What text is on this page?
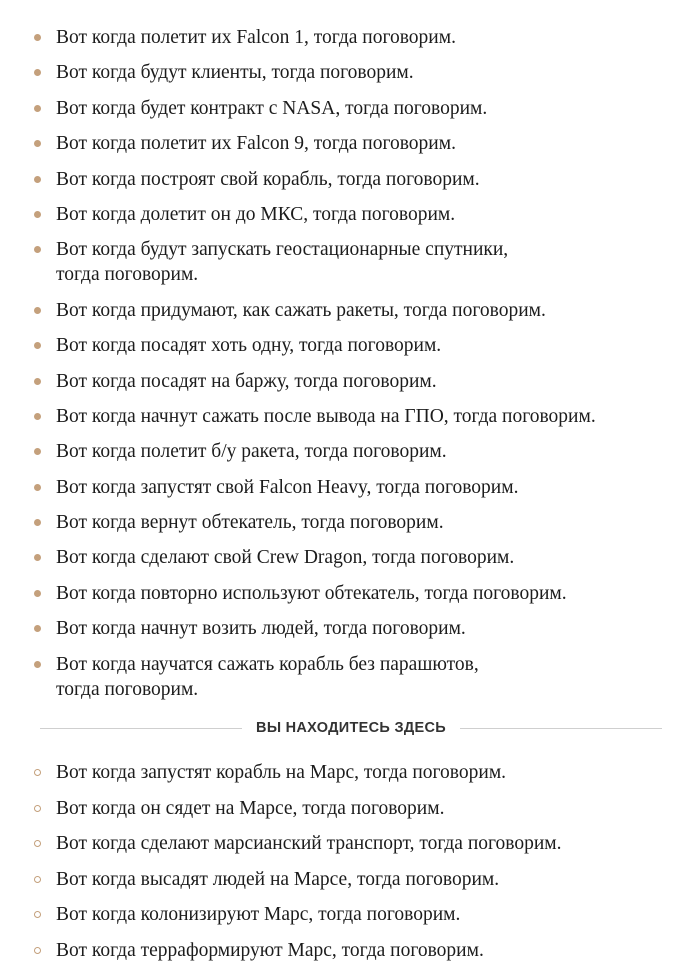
Вот когда полетит их Falcon 1, тогда поговорим.
Вот когда будут клиенты, тогда поговорим.
Вот когда будет контракт с NASA, тогда поговорим.
Вот когда полетит их Falcon 9, тогда поговорим.
Вот когда построят свой корабль, тогда поговорим.
Вот когда долетит он до МКС, тогда поговорим.
Вот когда будут запускать геостационарные спутники,
тогда поговорим.
Вот когда придумают, как сажать ракеты, тогда поговорим.
Вот когда посадят хоть одну, тогда поговорим.
Вот когда посадят на баржу, тогда поговорим.
Вот когда начнут сажать после вывода на ГПО, тогда поговорим.
Вот когда полетит б/у ракета, тогда поговорим.
Вот когда запустят свой Falcon Heavy, тогда поговорим.
Вот когда вернут обтекатель, тогда поговорим.
Вот когда сделают свой Crew Dragon, тогда поговорим.
Вот когда повторно используют обтекатель, тогда поговорим.
Вот когда начнут возить людей, тогда поговорим.
Вот когда научатся сажать корабль без парашютов,
тогда поговорим.
ВЫ НАХОДИТЕСЬ ЗДЕСЬ
Вот когда запустят корабль на Марс, тогда поговорим.
Вот когда он сядет на Марсе, тогда поговорим.
Вот когда сделают марсианский транспорт, тогда поговорим.
Вот когда высадят людей на Марсе, тогда поговорим.
Вот когда колонизируют Марс, тогда поговорим.
Вот когда терраформируют Марс, тогда поговорим.
